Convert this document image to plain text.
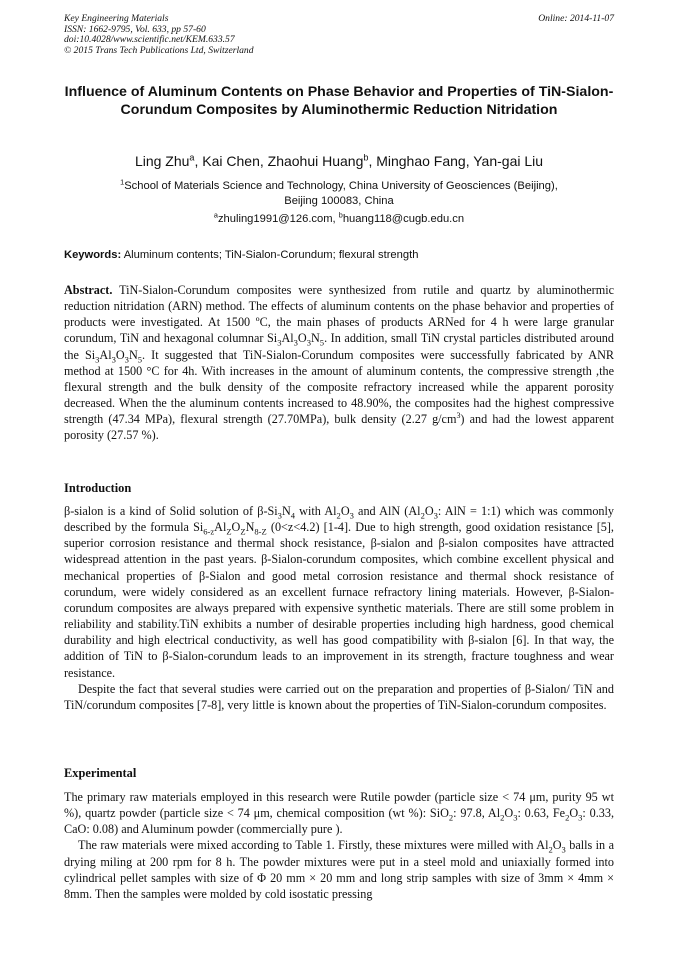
Key Engineering Materials
ISSN: 1662-9795, Vol. 633, pp 57-60
doi:10.4028/www.scientific.net/KEM.633.57
© 2015 Trans Tech Publications Ltd, Switzerland
Online: 2014-11-07
Influence of Aluminum Contents on Phase Behavior and Properties of TiN-Sialon-Corundum Composites by Aluminothermic Reduction Nitridation
Ling Zhu$^a$, Kai Chen, Zhaohui Huang$^b$, Minghao Fang, Yan-gai Liu
$^1$School of Materials Science and Technology, China University of Geosciences (Beijing),
Beijing 100083, China
$^a$zhuling1991@126.com, $^b$huang118@cugb.edu.cn
Keywords: Aluminum contents; TiN-Sialon-Corundum; flexural strength
Abstract. TiN-Sialon-Corundum composites were synthesized from rutile and quartz by aluminothermic reduction nitridation (ARN) method. The effects of aluminum contents on the phase behavior and properties of products were investigated. At 1500 ºC, the main phases of products ARNed for 4 h were large granular corundum, TiN and hexagonal columnar $Si_3Al_3O_3N_5$. In addition, small TiN crystal particles distributed around the $Si_3Al_3O_3N_5$. It suggested that TiN-Sialon-Corundum composites were successfully fabricated by ANR method at 1500 °C for 4h. With increases in the amount of aluminum contents, the compressive strength ,the flexural strength and the bulk density of the composite refractory increased while the apparent porosity decreased. When the the aluminum contents increased to 48.90%, the composites had the highest compressive strength (47.34 MPa), flexural strength (27.70MPa), bulk density (2.27 $g/cm^3$) and had the lowest apparent porosity (27.57 %).
Introduction

β-sialon is a kind of Solid solution of $\beta-Si_3N_4$ with $Al_2O_3$ and AlN ($Al_2O_3$: AlN = 1:1) which was commonly described by the formula $Si_{6-z}Al_ZO_ZN_{8-Z}$ (0<z<4.2) [1-4]. Due to high strength, good oxidation resistance [5], superior corrosion resistance and thermal shock resistance, β-sialon and β-sialon composites have attracted widespread attention in the past years. β-Sialon-corundum composites, which combine excellent physical and mechanical properties of β-Sialon and good metal corrosion resistance and thermal shock resistance of corundum, were widely considered as an excellent furnace refractory lining materials. However, β-Sialon-corundum composites are always prepared with expensive synthetic materials. There are still some problem in reliability and stability.TiN exhibits a number of desirable properties including high hardness, good chemical durability and high electrical conductivity, as well has good compatibility with β-sialon [6]. In that way, the addition of TiN to β-Sialon-corundum leads to an improvement in its strength, fracture toughness and wear resistance.

Despite the fact that several studies were carried out on the preparation and properties of β-Sialon/ TiN and TiN/corundum composites [7-8], very little is known about the properties of TiN-Sialon-corundum composites.

Experimental

The primary raw materials employed in this research were Rutile powder (particle size < 74 μm, purity 95 wt %), quartz powder (particle size < 74 μm, chemical composition (wt %): SiO$_2$: 97.8, $Al_2O_3$: 0.63, $Fe_2O_3$: 0.33, CaO: 0.08) and Aluminum powder (commercially pure ).

The raw materials were mixed according to Table 1. Firstly, these mixtures were milled with $Al_2O_3$ balls in a drying miling at 200 rpm for 8 h. The powder mixtures were put in a steel mold and uniaxially formed into cylindrical pellet samples with size of Φ 20 mm × 20 mm and long strip samples with size of 3mm × 4mm × 8mm. Then the samples were molded by cold isostatic pressing
